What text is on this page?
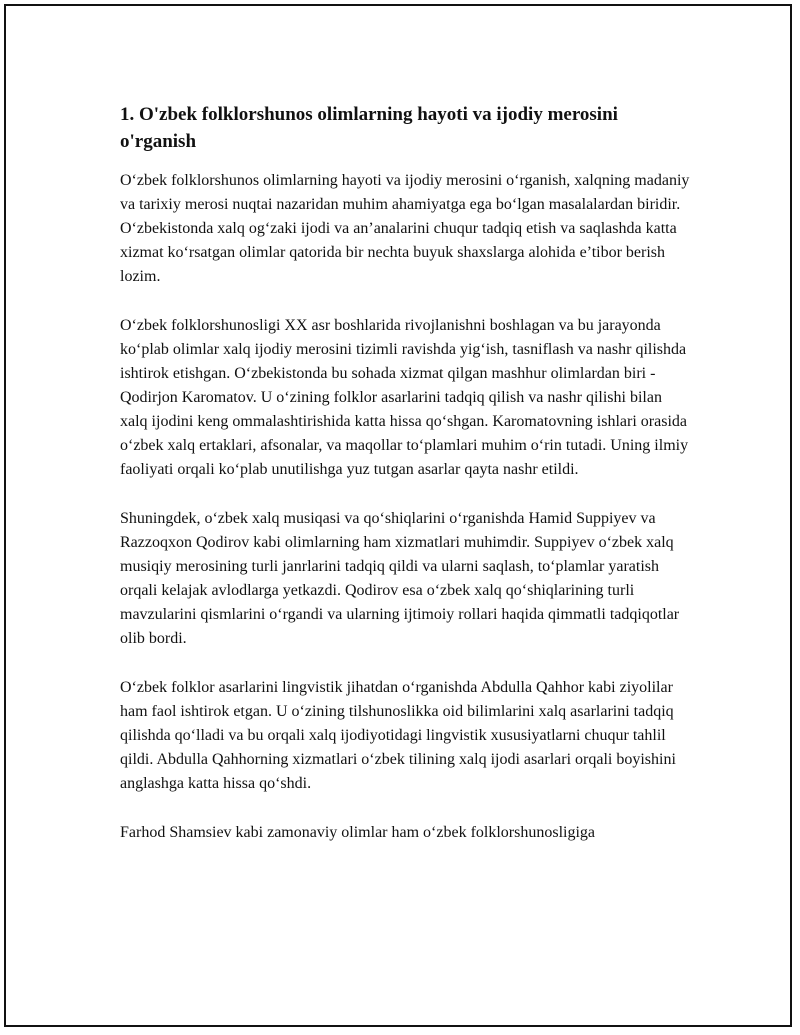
1. O'zbek folklorshunos olimlarning hayoti va ijodiy merosini o'rganish

O‘zbek folklorshunos olimlarning hayoti va ijodiy merosini o‘rganish, xalqning madaniy va tarixiy merosi nuqtai nazaridan muhim ahamiyatga ega bo‘lgan masalalardan biridir. O‘zbekistonda xalq og‘zaki ijodi va an’analarini chuqur tadqiq etish va saqlashda katta xizmat ko‘rsatgan olimlar qatorida bir nechta buyuk shaxslarga alohida e’tibor berish lozim.

O‘zbek folklorshunosligi XX asr boshlarida rivojlanishni boshlagan va bu jarayonda ko‘plab olimlar xalq ijodiy merosini tizimli ravishda yig‘ish, tasniflash va nashr qilishda ishtirok etishgan. O‘zbekistonda bu sohada xizmat qilgan mashhur olimlardan biri - Qodirjon Karomatov. U o‘zining folklor asarlarini tadqiq qilish va nashr qilishi bilan xalq ijodini keng ommalashtirishida katta hissa qo‘shgan. Karomatovning ishlari orasida o‘zbek xalq ertaklari, afsonalar, va maqollar to‘plamlari muhim o‘rin tutadi. Uning ilmiy faoliyati orqali ko‘plab unutilishga yuz tutgan asarlar qayta nashr etildi.

Shuningdek, o‘zbek xalq musiqasi va qo‘shiqlarini o‘rganishda Hamid Suppiyev va Razzoqxon Qodirov kabi olimlarning ham xizmatlari muhimdir. Suppiyev o‘zbek xalq musiqiy merosining turli janrlarini tadqiq qildi va ularni saqlash, to‘plamlar yaratish orqali kelajak avlodlarga yetkazdi. Qodirov esa o‘zbek xalq qo‘shiqlarining turli mavzularini qismlarini o‘rgandi va ularning ijtimoiy rollari haqida qimmatli tadqiqotlar olib bordi.

O‘zbek folklor asarlarini lingvistik jihatdan o‘rganishda Abdulla Qahhor kabi ziyolilar ham faol ishtirok etgan. U o‘zining tilshunoslikka oid bilimlarini xalq asarlarini tadqiq qilishda qo‘lladi va bu orqali xalq ijodiyotidagi lingvistik xususiyatlarni chuqur tahlil qildi. Abdulla Qahhorning xizmatlari o‘zbek tilining xalq ijodi asarlari orqali boyishini anglashga katta hissa qo‘shdi.

Farhod Shamsiev kabi zamonaviy olimlar ham o‘zbek folklorshunosligiga
